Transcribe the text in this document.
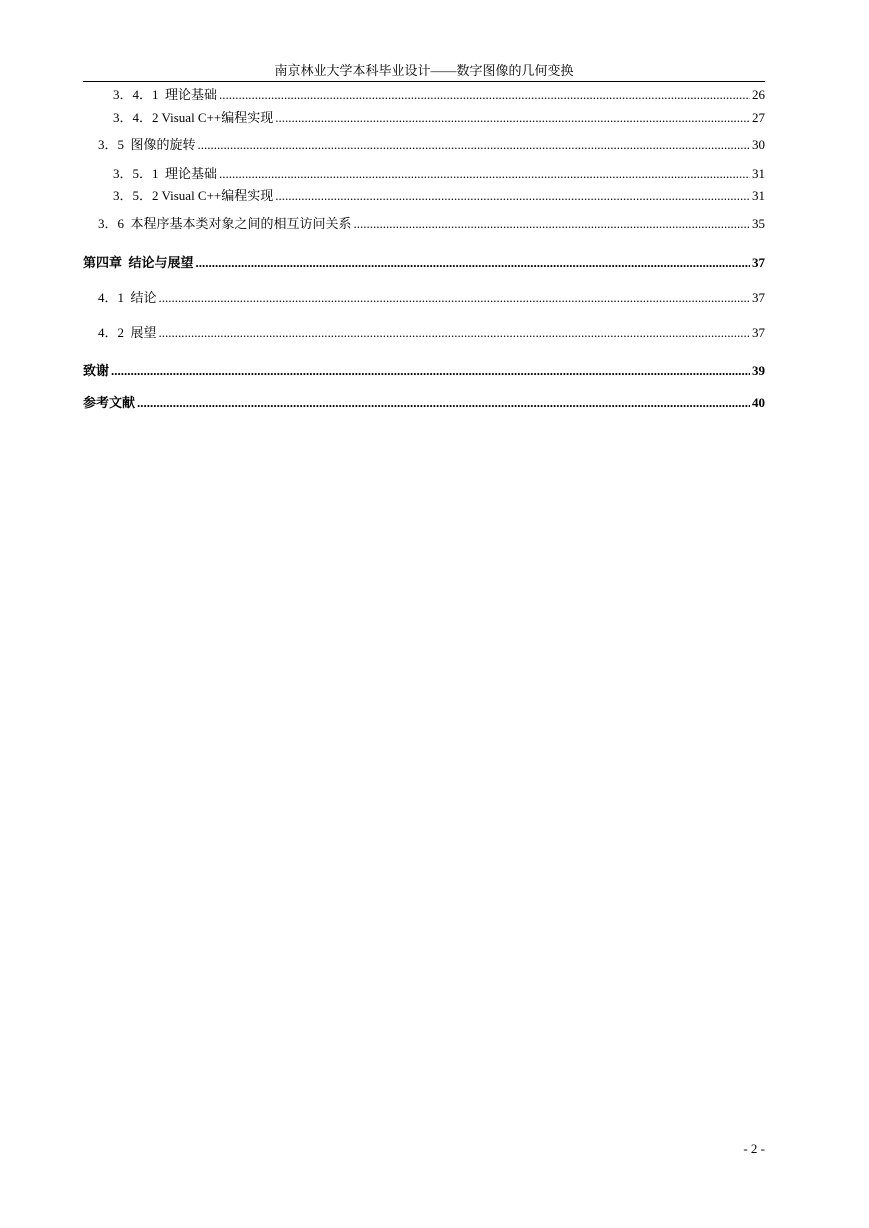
南京林业大学本科毕业设计——数字图像的几何变换
3．4．1  理论基础 .....	26
3．4．2 Visual C++编程实现 .....	27
3．5  图像的旋转 .....	30
3．5．1  理论基础 .....	31
3．5．2 Visual C++编程实现 .....	31
3．6  本程序基本类对象之间的相互访问关系 .....	35
第四章  结论与展望 .....	37
4．1  结论 .....	37
4．2  展望 .....	37
致谢 .....	39
参考文献 .....	40
- 2 -
